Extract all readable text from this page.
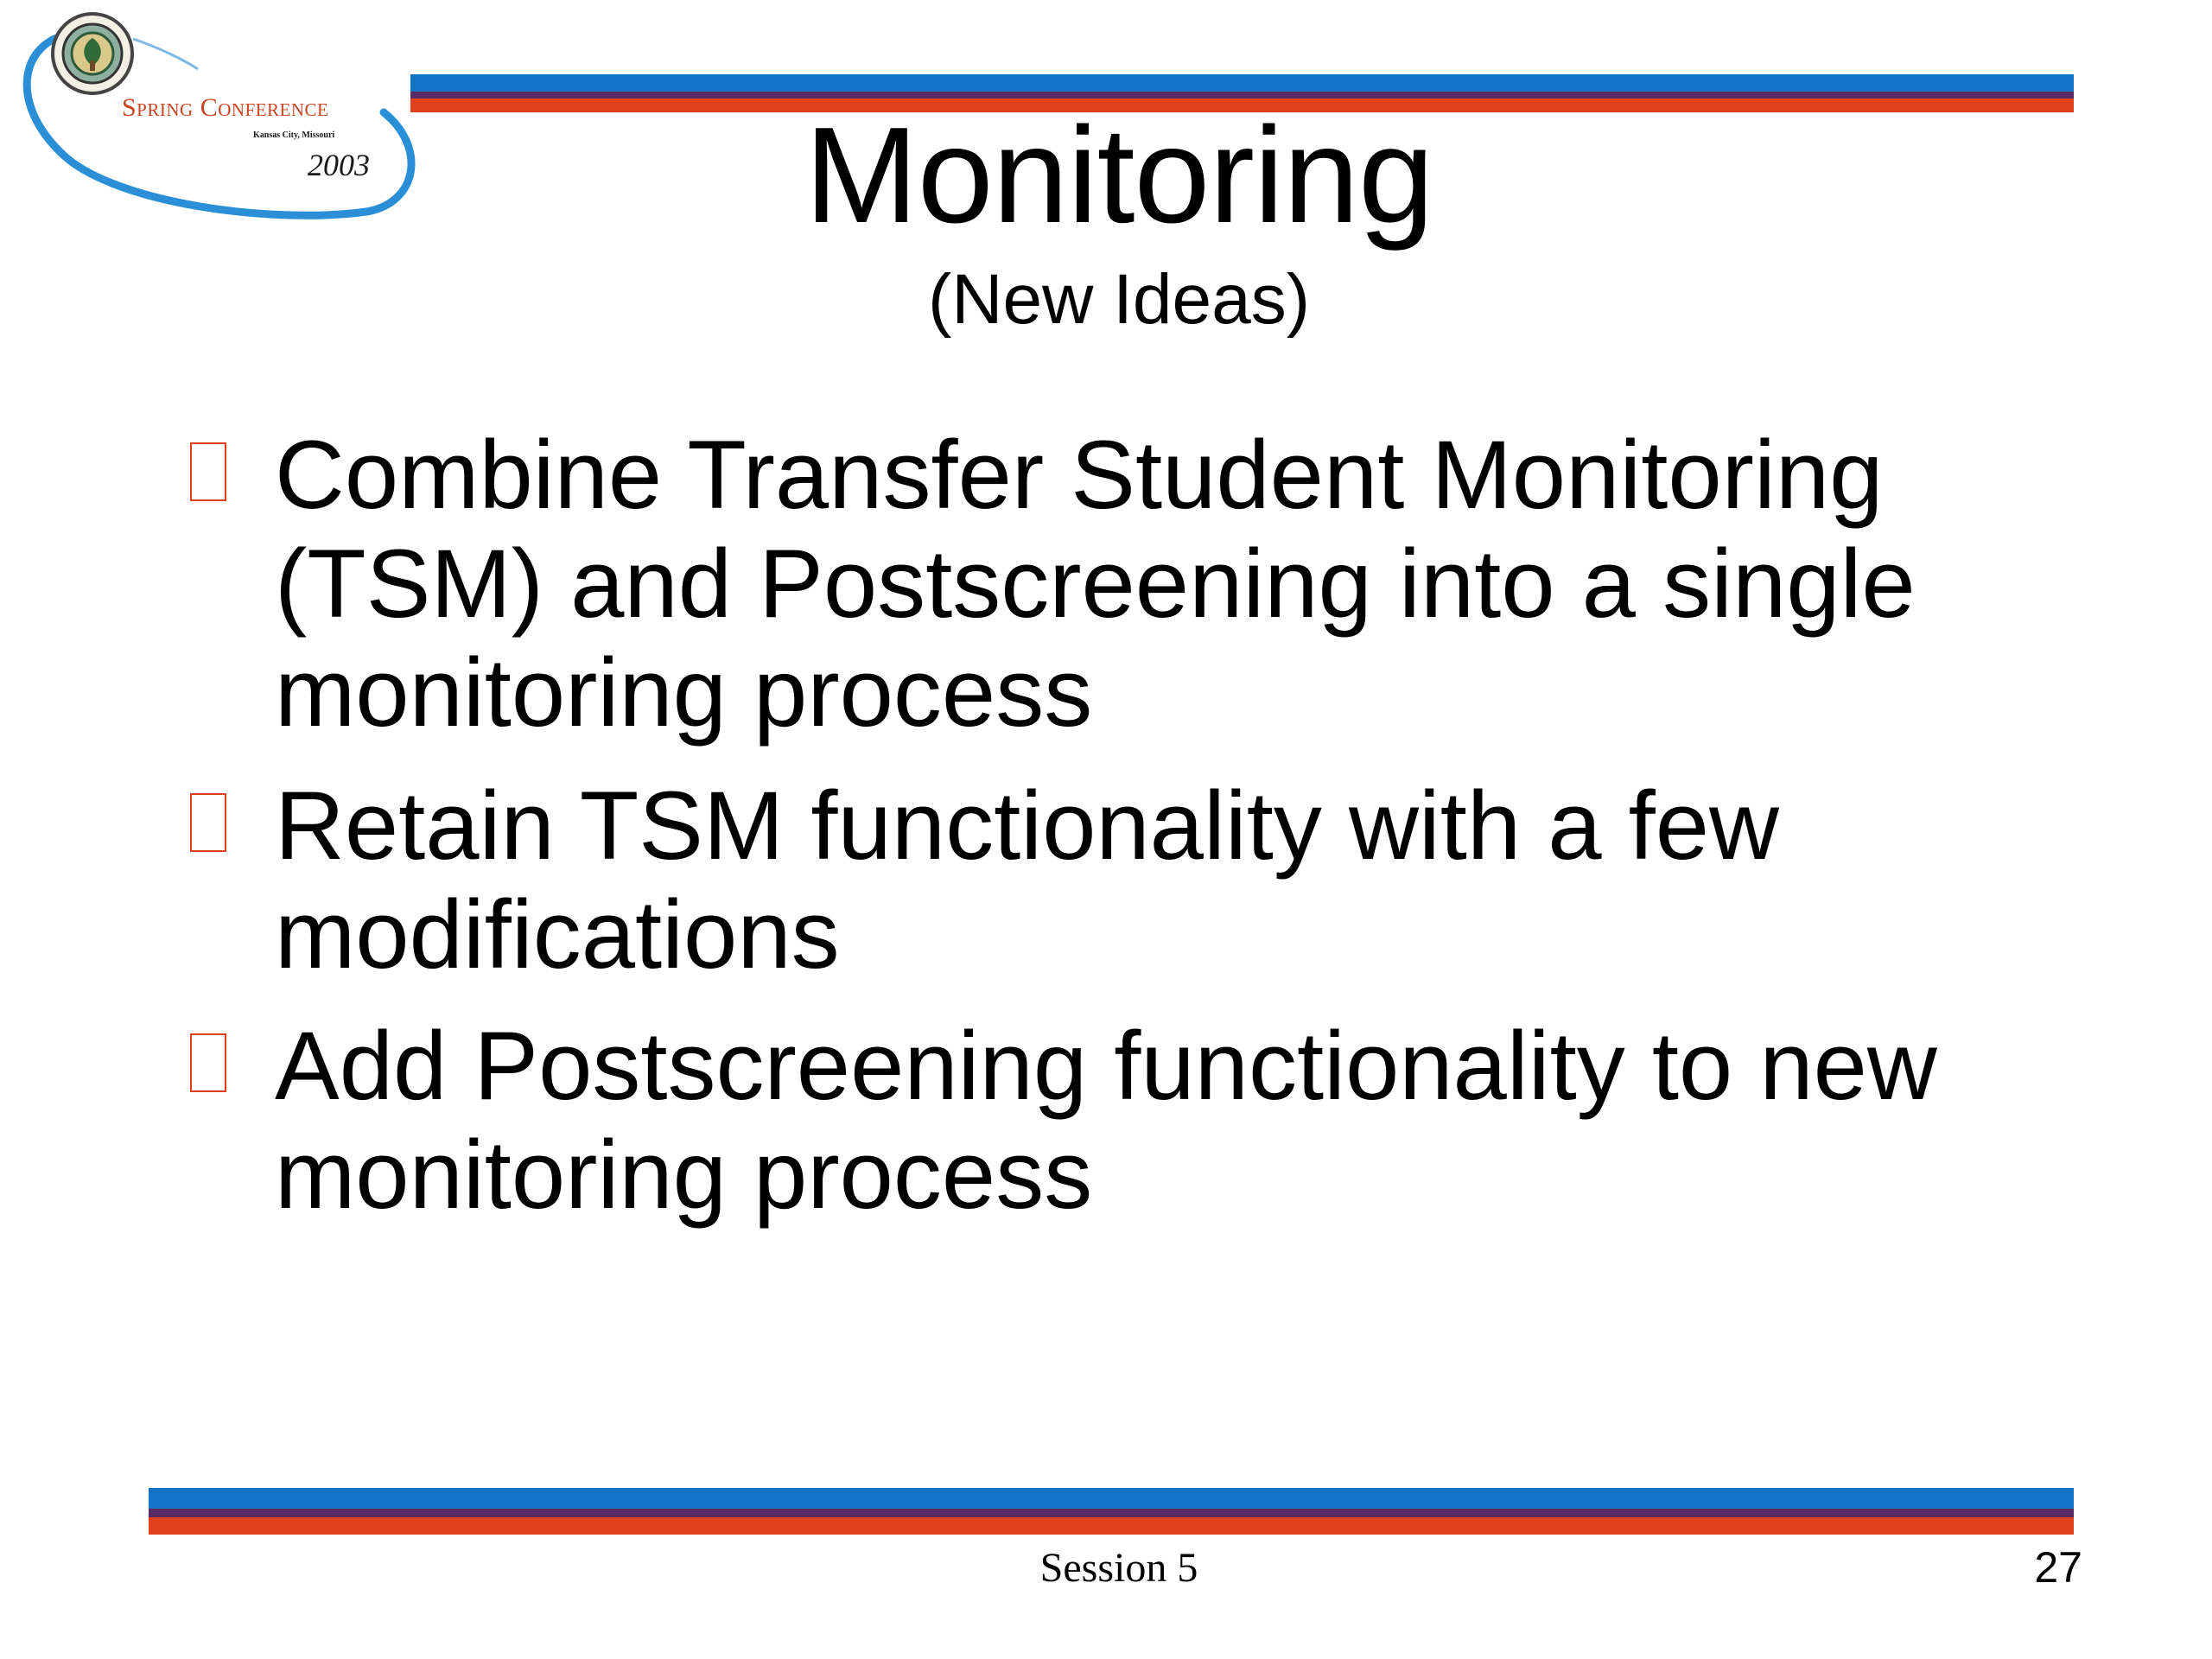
Spring Conference
Kansas City, Missouri
2003	Monitoring
(New Ideas)
Combine Transfer Student Monitoring
(TSM) and Postscreening into a single
monitoring process
Retain TSM functionality with a few
modifications
Add Postscreening functionality to new
monitoring process
Session 5	27
